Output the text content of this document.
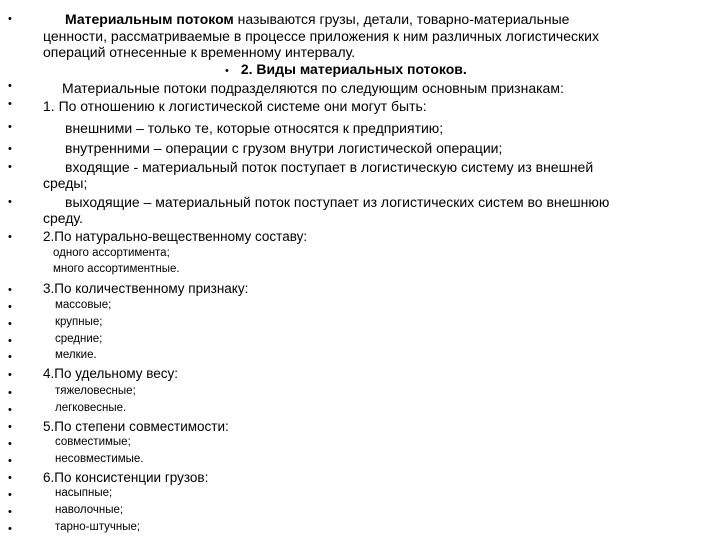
•
•
•
•
•
•
•
•
•
•
•
•
•
•
•
•
•
•
•
•
•
•
•
Материальным потоком называются грузы, детали, товарно-материальные
ценности, рассматриваемые в процессе приложения к ним различных логистических
операций отнесенные к временному интервалу.
• 2. Виды материальных потоков.
Материальные потоки подразделяются по следующим основным признакам:
1. По отношению к логистической системе они могут быть:
внешними – только те, которые относятся к предприятию;
внутренними – операции с грузом внутри логистической операции;
входящие - материальный поток поступает в логистическую систему из внешней
среды;
выходящие – материальный поток поступает из логистических систем во внешнюю
среду.
2.По натурально-вещественному составу:
одного ассортимента;
много ассортиментные.
3.По количественному признаку:
массовые;
крупные;
средние;
мелкие.
4.По удельному весу:
тяжеловесные;
легковесные.
5.По степени совместимости:
совместимые;
несовместимые.
6.По консистенции грузов:
насыпные;
наволочные;
тарно-штучные;
